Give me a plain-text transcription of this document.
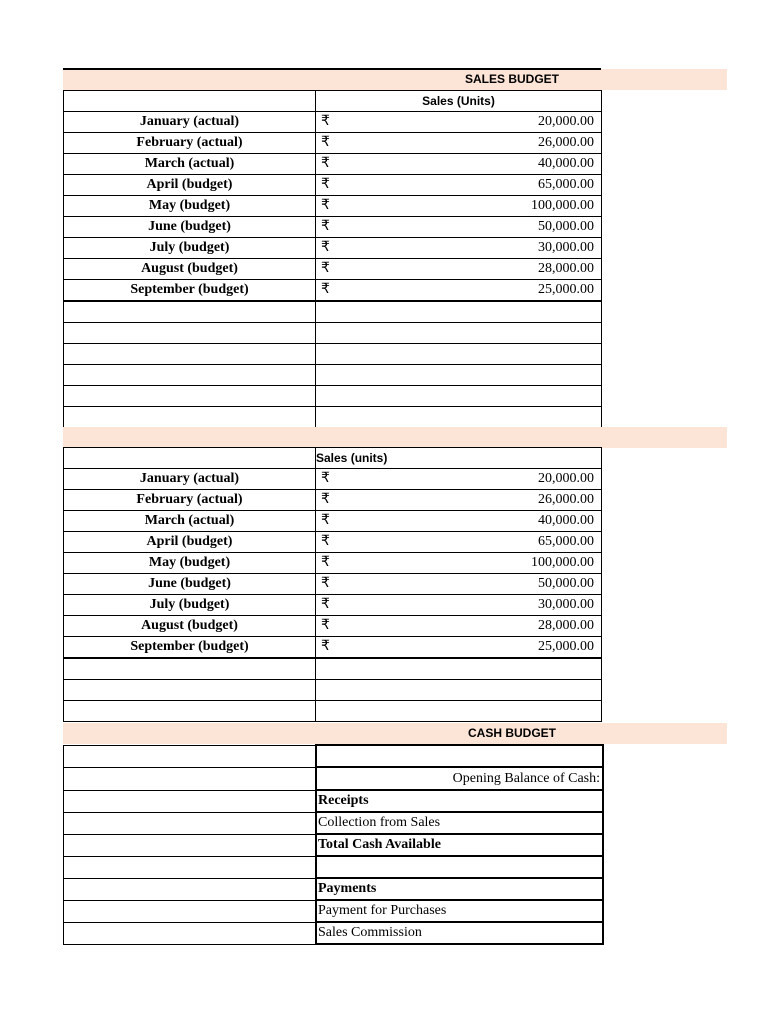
SALES BUDGET
	Sales (Units)
January (actual)	₹ 20,000.00

February (actual)	₹ 26,000.00

March (actual)	₹ 40,000.00

April (budget)	₹ 65,000.00

May (budget)	₹ 100,000.00

June (budget)	₹ 50,000.00

July (budget)	₹ 30,000.00

August (budget)	₹ 28,000.00

September (budget)	₹ 25,000.00

	Sales (units)
January (actual)	₹ 20,000.00

February (actual)	₹ 26,000.00

March (actual)	₹ 40,000.00

April (budget)	₹ 65,000.00

May (budget)	₹ 100,000.00

June (budget)	₹ 50,000.00

July (budget)	₹ 30,000.00

August (budget)	₹ 28,000.00

September (budget)	₹ 25,000.00

CASH BUDGET

	Opening Balance of Cash:
	Receipts
	Collection from Sales
	Total Cash Available

	Payments
	Payment for Purchases
	Sales Commission
